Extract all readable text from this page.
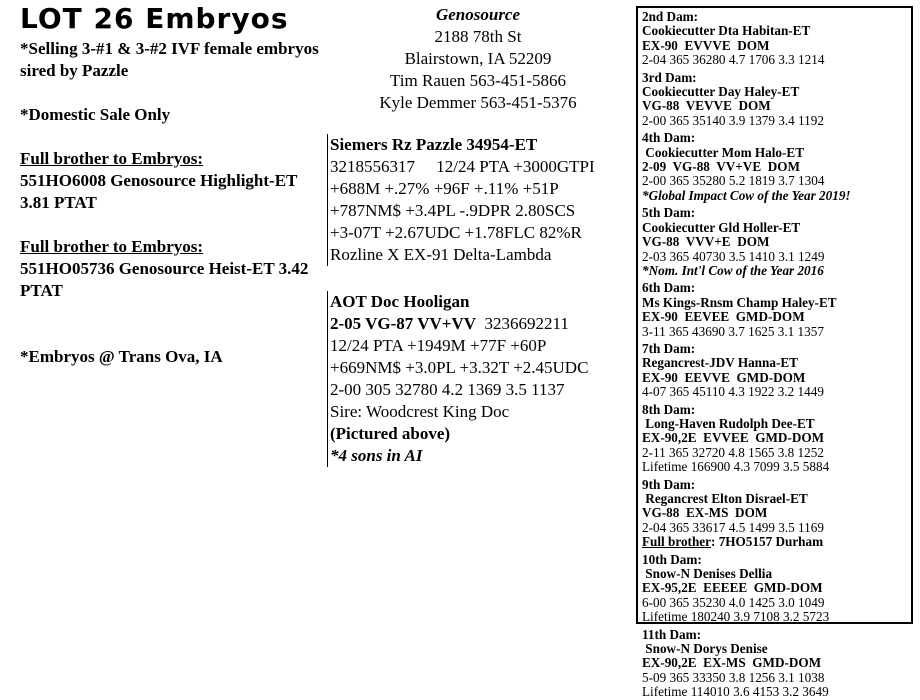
LOT 26 Embryos

*Selling 3-#1 & 3-#2 IVF female embryos sired by Pazzle

*Domestic Sale Only

Full brother to Embryos:

551HO6008 Genosource Highlight-ET 3.81 PTAT

Full brother to Embryos:

551HO05736 Genosource Heist-ET 3.42 PTAT

*Embryos @ Trans Ova, IA

Genosource
2188 78th St
Blairstown, IA 52209
Tim Rauen 563-451-5866
Kyle Demmer 563-451-5376
Siemers Rz Pazzle 34954-ET
3218556317     12/24 PTA +3000GTPI
+688M +.27% +96F +.11% +51P
+787NM$ +3.4PL -.9DPR 2.80SCS
+3-07T +2.67UDC +1.78FLC 82%R
Rozline X EX-91 Delta-Lambda
AOT Doc Hooligan
2-05 VG-87 VV+VV  3236692211
12/24 PTA +1949M +77F +60P
+669NM$ +3.0PL +3.32T +2.45UDC
2-00 305 32780 4.2 1369 3.5 1137
Sire: Woodcrest King Doc
(Pictured above)
*4 sons in AI
2nd Dam:
Cookiecutter Dta Habitan-ET
EX-90  EVVVE  DOM
2-04 365 36280 4.7 1706 3.3 1214
3rd Dam:
Cookiecutter Day Haley-ET
VG-88  VEVVE  DOM
2-00 365 35140 3.9 1379 3.4 1192
4th Dam:
Cookiecutter Mom Halo-ET
2-09  VG-88  VV+VE  DOM
2-00 365 35280 5.2 1819 3.7 1304
*Global Impact Cow of the Year 2019!
5th Dam:
Cookiecutter Gld Holler-ET
VG-88  VVV+E  DOM
2-03 365 40730 3.5 1410 3.1 1249
*Nom. Int'l Cow of the Year 2016
6th Dam:
Ms Kings-Rnsm Champ Haley-ET
EX-90  EEVEE  GMD-DOM
3-11 365 43690 3.7 1625 3.1 1357
7th Dam:
Regancrest-JDV Hanna-ET
EX-90  EEVVE  GMD-DOM
4-07 365 45110 4.3 1922 3.2 1449
8th Dam:
Long-Haven Rudolph Dee-ET
EX-90,2E  EVVEE  GMD-DOM
2-11 365 32720 4.8 1565 3.8 1252
Lifetime 166900 4.3 7099 3.5 5884
9th Dam:
Regancrest Elton Disrael-ET
VG-88  EX-MS  DOM
2-04 365 33617 4.5 1499 3.5 1169
Full brother: 7HO5157 Durham
10th Dam:
Snow-N Denises Dellia
EX-95,2E  EEEEE  GMD-DOM
6-00 365 35230 4.0 1425 3.0 1049
Lifetime 180240 3.9 7108 3.2 5723
11th Dam:
Snow-N Dorys Denise
EX-90,2E  EX-MS  GMD-DOM
5-09 365 33350 3.8 1256 3.1 1038
Lifetime 114010 3.6 4153 3.2 3649
